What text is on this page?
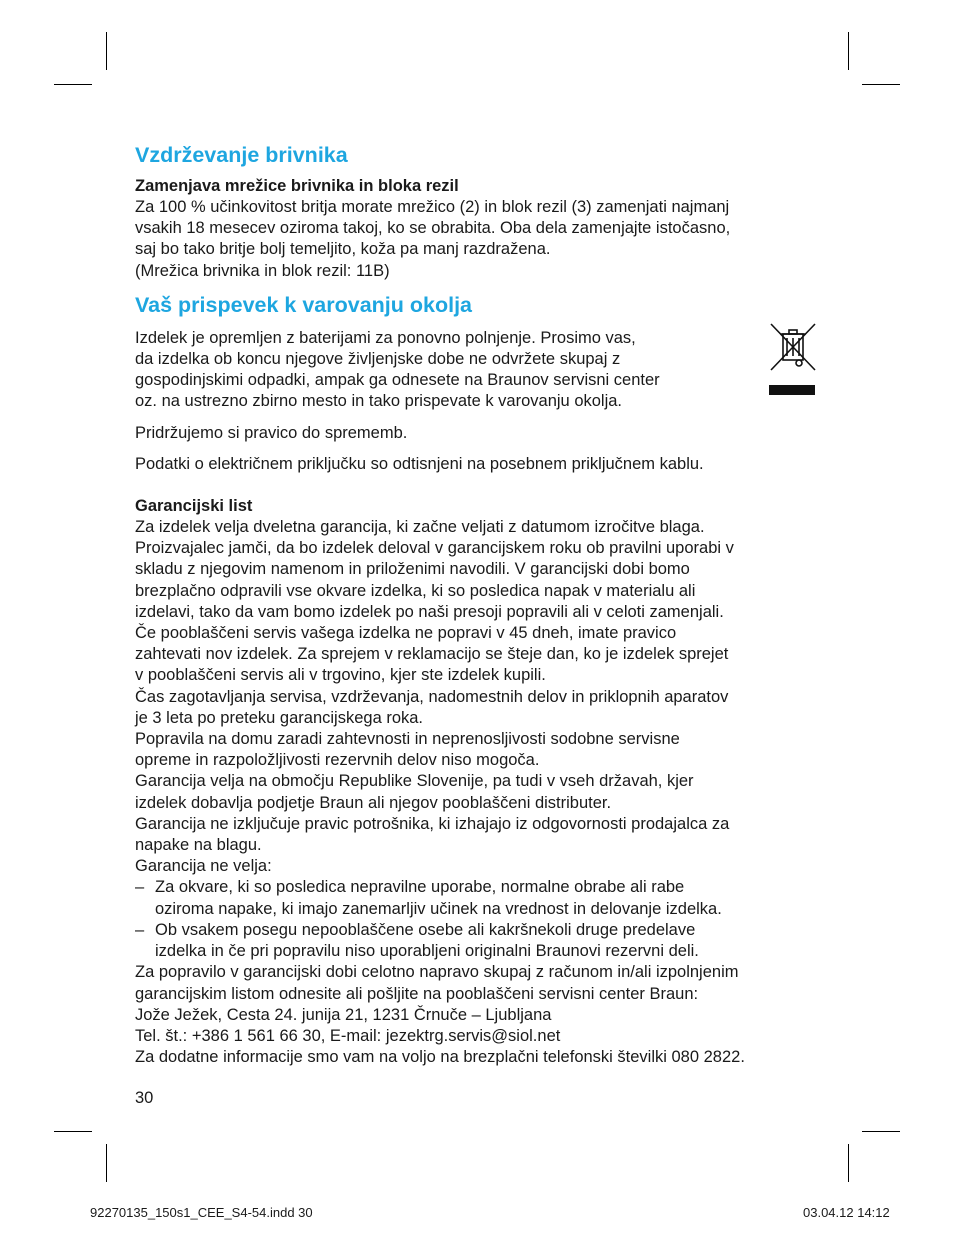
Vzdrževanje brivnika
Zamenjava mrežice brivnika in bloka rezil

Za 100 % učinkovitost britja morate mrežico (2) in blok rezil (3) zamenjati najmanj

vsakih 18 mesecev oziroma takoj, ko se obrabita. Oba dela zamenjajte istočasno,

saj bo tako britje bolj temeljito, koža pa manj razdražena.

(Mrežica brivnika in blok rezil: 11B)

Vaš prispevek k varovanju okolja

Izdelek je opremljen z baterijami za ponovno polnjenje. Prosimo vas,

da izdelka ob koncu njegove življenjske dobe ne odvržete skupaj z

gospodinjskimi odpadki, ampak ga odnesete na Braunov servisni center

oz. na ustrezno zbirno mesto in tako prispevate k varovanju okolja.

Pridržujemo si pravico do sprememb.

Podatki o električnem priključku so odtisnjeni na posebnem priključnem kablu.

Garancijski list

Za izdelek velja dveletna garancija, ki začne veljati z datumom izročitve blaga.

Proizvajalec jamči, da bo izdelek deloval v garancijskem roku ob pravilni uporabi v

skladu z njegovim namenom in priloženimi navodili. V garancijski dobi bomo

brezplačno odpravili vse okvare izdelka, ki so posledica napak v materialu ali

izdelavi, tako da vam bomo izdelek po naši presoji popravili ali v celoti zamenjali.

Če pooblaščeni servis vašega izdelka ne popravi v 45 dneh, imate pravico

zahtevati nov izdelek. Za sprejem v reklamacijo se šteje dan, ko je izdelek sprejet

v pooblaščeni servis ali v trgovino, kjer ste izdelek kupili.

Čas zagotavljanja servisa, vzdrževanja, nadomestnih delov in priklopnih aparatov

je 3 leta po preteku garancijskega roka.

Popravila na domu zaradi zahtevnosti in neprenosljivosti sodobne servisne

opreme in razpoložljivosti rezervnih delov niso mogoča.

Garancija velja na območju Republike Slovenije, pa tudi v vseh državah, kjer

izdelek dobavlja podjetje Braun ali njegov pooblaščeni distributer.

Garancija ne izključuje pravic potrošnika, ki izhajajo iz odgovornosti prodajalca za

napake na blagu.

Garancija ne velja:

– Za okvare, ki so posledica nepravilne uporabe, normalne obrabe ali rabe
oziroma napake, ki imajo zanemarljiv učinek na vrednost in delovanje izdelka.
– Ob vsakem posegu nepooblaščene osebe ali kakršnekoli druge predelave
izdelka in če pri popravilu niso uporabljeni originalni Braunovi rezervni deli.

Za popravilo v garancijski dobi celotno napravo skupaj z računom in/ali izpolnjenim

garancijskim listom odnesite ali pošljite na pooblaščeni servisni center Braun:

Jože Ježek, Cesta 24. junija 21, 1231 Črnuče – Ljubljana

Tel. št.: +386 1 561 66 30, E-mail: jezektrg.servis@siol.net

Za dodatne informacije smo vam na voljo na brezplačni telefonski številki 080 2822.

30
92270135_150s1_CEE_S4-54.indd 30	03.04.12 14:12
